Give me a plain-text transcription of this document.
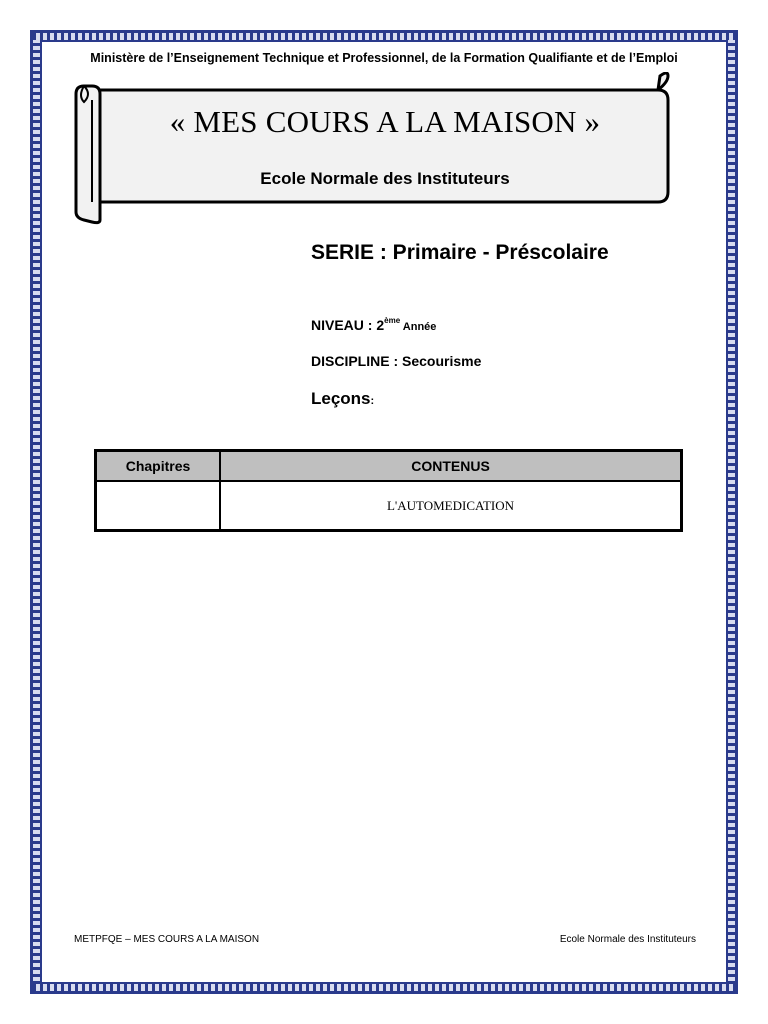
Ministère de l’Enseignement Technique et Professionnel, de la Formation Qualifiante et de l’Emploi
« MES COURS A LA MAISON »
Ecole Normale des Instituteurs
SERIE : Primaire - Préscolaire
NIVEAU : 2ème Année
DISCIPLINE : Secourisme
Leçons:
Chapitres	CONTENUS
	L'AUTOMEDICATION
METPFQE – MES COURS A LA MAISON	Ecole Normale des Instituteurs
